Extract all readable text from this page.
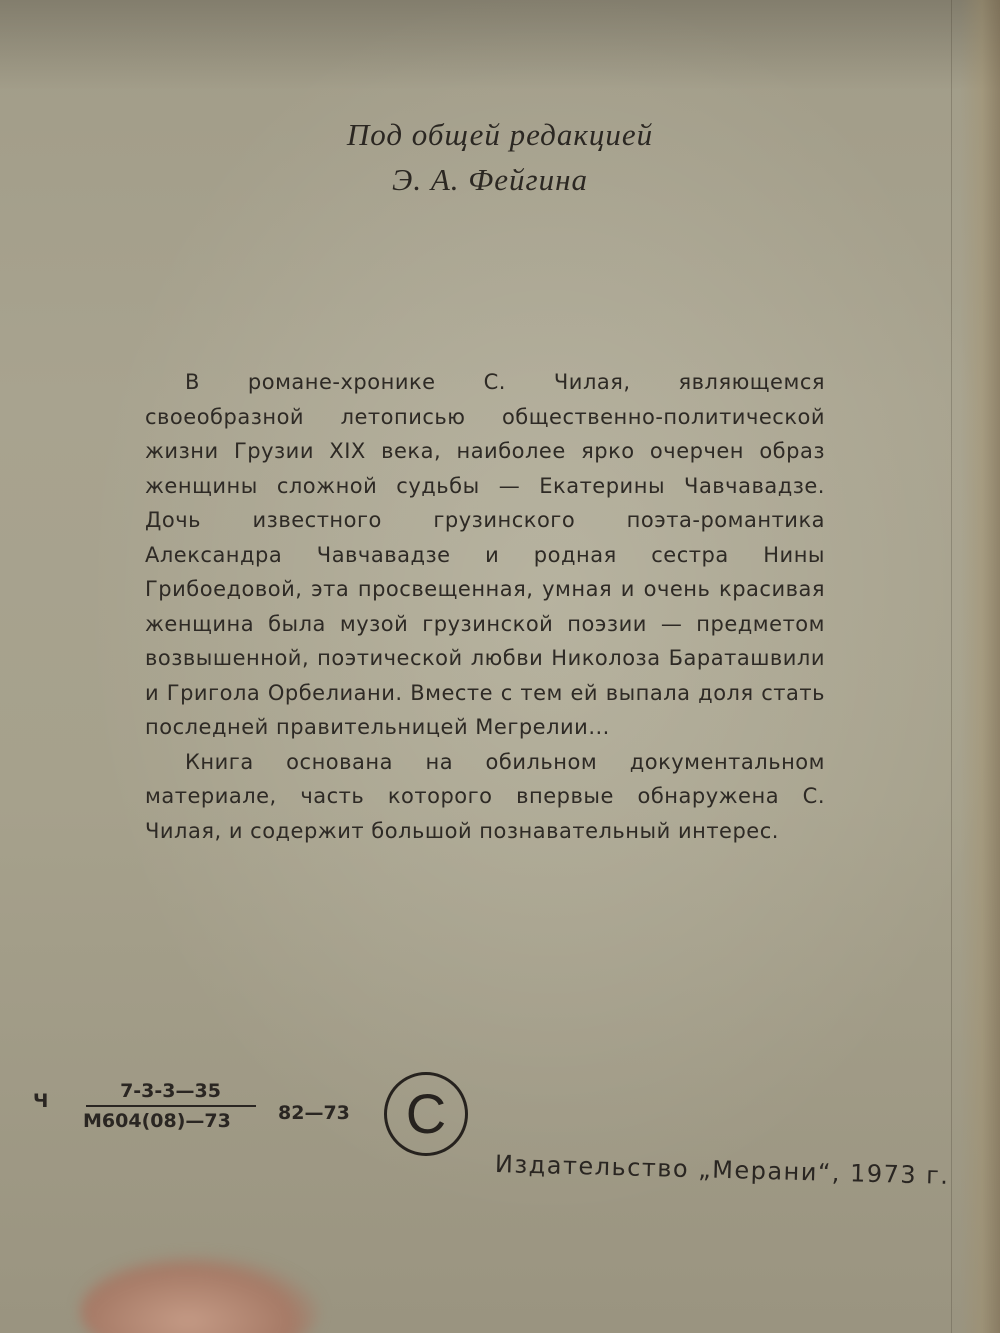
Под общей редакцией
Э. А. Фейгина

В романе-хронике С. Чилая, являющемся своеобразной летописью общественно-политической жизни Грузии XIX века, наиболее ярко очерчен образ женщины сложной судьбы — Екатерины Чавчавадзе. Дочь известного грузинского поэта-романтика Александра Чавчавадзе и родная сестра Нины Грибоедовой, эта просвещенная, умная и очень красивая женщина была музой грузинской поэзии — предметом возвышенной, поэтической любви Николоза Бараташвили и Григола Орбелиани. Вместе с тем ей выпала доля стать последней правительницей Мегрелии...

Книга основана на обильном документальном материале, часть которого впервые обнаружена С. Чилая, и содержит большой познавательный интерес.

Ч	7-3-3—35
М604(08)—73 82—73 C
Издательство „Мерани“, 1973 г.
